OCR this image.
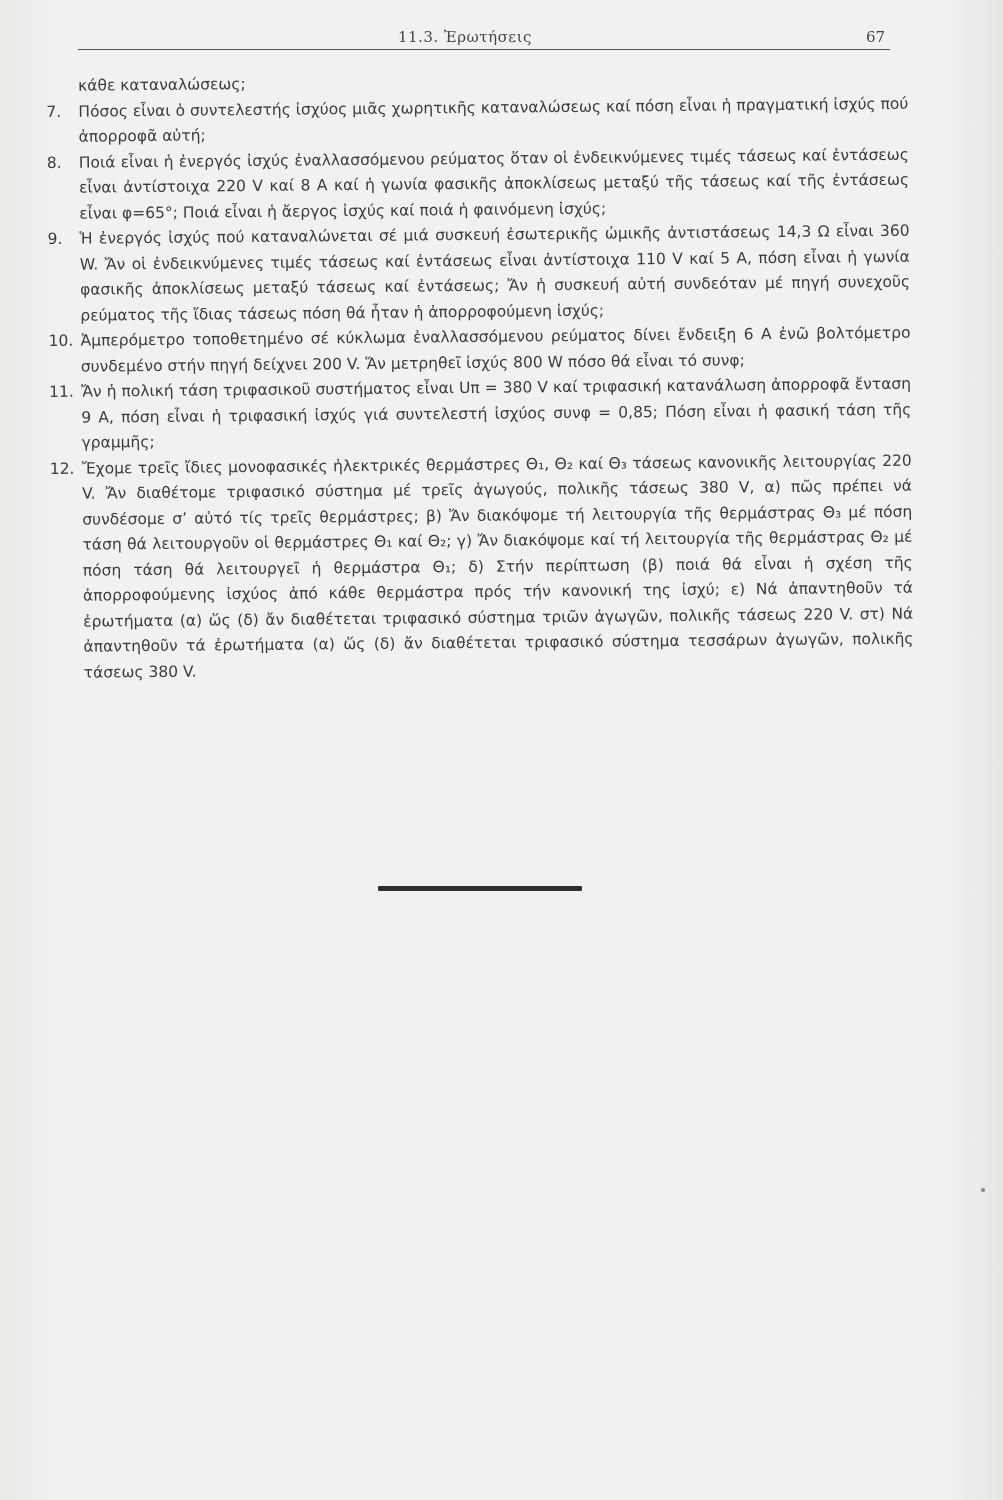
11.3. Ἐρωτήσεις	67

κάθε καταναλώσεως;

7.	Πόσος εἶναι ὁ συντελεστής ἰσχύος μιᾶς χωρητικῆς καταναλώσεως καί πόση εἶναι ἡ πραγματική ἰσχύς πού ἀπορροφᾶ αὐτή;
8.	Ποιά εἶναι ἡ ἐνεργός ἰσχύς ἐναλλασσόμενου ρεύματος ὅταν οἱ ἐνδεικνύμενες τιμές τάσεως καί ἐντάσεως εἶναι ἀντίστοιχα 220 V καί 8 A καί ἡ γωνία φασικῆς ἀποκλίσεως μεταξύ τῆς τάσεως καί τῆς ἐντάσεως εἶναι φ=65°; Ποιά εἶναι ἡ ἄεργος ἰσχύς καί ποιά ἡ φαινόμενη ἰσχύς;
9.	Ἡ ἐνεργός ἰσχύς πού καταναλώνεται σέ μιά συσκευή ἐσωτερικῆς ὠμικῆς ἀντιστάσεως 14,3 Ω εἶναι 360 W. Ἄν οἱ ἐνδεικνύμενες τιμές τάσεως καί ἐντάσεως εἶναι ἀντίστοιχα 110 V καί 5 A, πόση εἶναι ἡ γωνία φασικῆς ἀποκλίσεως μεταξύ τάσεως καί ἐντάσεως; Ἄν ἡ συσκευή αὐτή συνδεόταν μέ πηγή συνεχοῦς ρεύματος τῆς ἴδιας τάσεως πόση θά ἦταν ἡ ἀπορροφούμενη ἰσχύς;
10. Ἀμπερόμετρο τοποθετημένο σέ κύκλωμα ἐναλλασσόμενου ρεύματος δίνει ἔνδειξη 6 A ἐνῶ βολτόμετρο συνδεμένο στήν πηγή δείχνει 200 V. Ἄν μετρηθεῖ ἰσχύς 800 W πόσο θά εἶναι τό συνφ;
11. Ἄν ἡ πολική τάση τριφασικοῦ συστήματος εἶναι Uπ = 380 V καί τριφασική κατανάλωση ἀπορροφᾶ ἔνταση 9 A, πόση εἶναι ἡ τριφασική ἰσχύς γιά συντελεστή ἰσχύος συνφ = 0,85; Πόση εἶναι ἡ φασική τάση τῆς γραμμῆς;
12. Ἔχομε τρεῖς ἴδιες μονοφασικές ἠλεκτρικές θερμάστρες Θ₁, Θ₂ καί Θ₃ τάσεως κανονικῆς λειτουργίας 220 V. Ἄν διαθέτομε τριφασικό σύστημα μέ τρεῖς ἀγωγούς, πολικῆς τάσεως 380 V, α) πῶς πρέπει νά συνδέσομε σ’ αὐτό τίς τρεῖς θερμάστρες; β) Ἄν διακόψομε τή λειτουργία τῆς θερμάστρας Θ₃ μέ πόση τάση θά λειτουργοῦν οἱ θερμάστρες Θ₁ καί Θ₂; γ) Ἄν διακόψομε καί τή λειτουργία τῆς θερμάστρας Θ₂ μέ πόση τάση θά λειτουργεῖ ἡ θερμάστρα Θ₁; δ) Στήν περίπτωση (β) ποιά θά εἶναι ἡ σχέση τῆς ἀπορροφούμενης ἰσχύος ἀπό κάθε θερμάστρα πρός τήν κανονική της ἰσχύ; ε) Νά ἀπαντηθοῦν τά ἐρωτήματα (α) ὥς (δ) ἄν διαθέτεται τριφασικό σύστημα τριῶν ἀγωγῶν, πολικῆς τάσεως 220 V. στ) Νά ἀπαντηθοῦν τά ἐρωτήματα (α) ὥς (δ) ἄν διαθέτεται τριφασικό σύστημα τεσσάρων ἀγωγῶν, πολικῆς τάσεως 380 V.
